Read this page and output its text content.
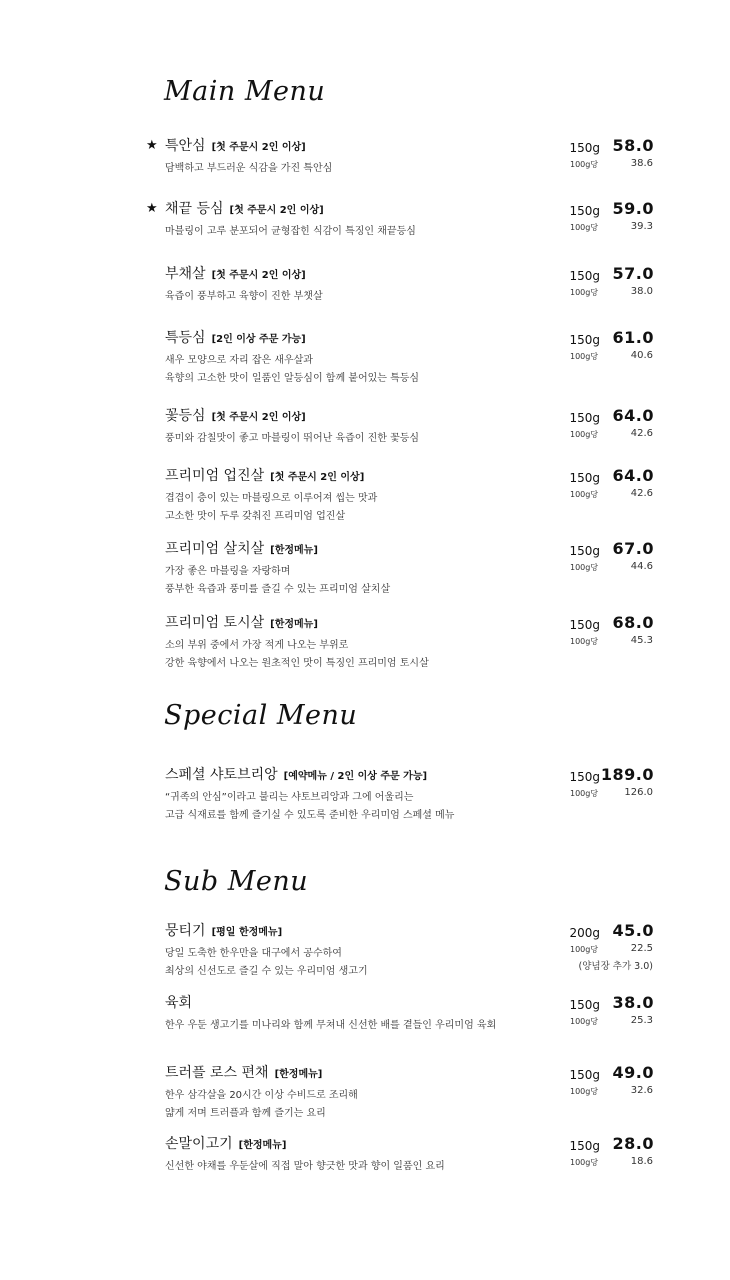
Main Menu
Special Menu
Sub Menu
★ 특안심 [첫 주문시 2인 이상]	150g 58.0
100g당	38.6
담백하고 부드러운 식감을 가진 특안심
★ 채끝 등심 [첫 주문시 2인 이상]	150g 59.0
100g당	39.3
마블링이 고루 분포되어 균형잡힌 식감이 특징인 채끝등심
부채살 [첫 주문시 2인 이상]	150g 57.0
100g당	38.0
육즙이 풍부하고 육향이 진한 부챗살
특등심 [2인 이상 주문 가능]	150g 61.0
100g당	40.6
새우 모양으로 자리 잡은 새우살과
육향의 고소한 맛이 일품인 알등심이 함께 붙어있는 특등심
꽃등심 [첫 주문시 2인 이상]	150g 64.0
100g당	42.6
풍미와 감칠맛이 좋고 마블링이 뛰어난 육즙이 진한 꽃등심
프리미엄 업진살 [첫 주문시 2인 이상]	150g 64.0
100g당	42.6
겹겹이 층이 있는 마블링으로 이루어져 씹는 맛과
고소한 맛이 두루 갖춰진 프리미엄 업진살
프리미엄 살치살 [한정메뉴]	150g 67.0
100g당	44.6
가장 좋은 마블링을 자랑하며
풍부한 육즙과 풍미를 즐길 수 있는 프리미엄 살치살
프리미엄 토시살 [한정메뉴]	150g 68.0
100g당	45.3
소의 부위 중에서 가장 적게 나오는 부위로
강한 육향에서 나오는 원초적인 맛이 특징인 프리미엄 토시살
스페셜 샤토브리앙 [예약메뉴 / 2인 이상 주문 가능]	150g 189.0
100g당	126.0
“귀족의 안심”이라고 불리는 샤토브리앙과 그에 어울리는
고급 식재료를 함께 즐기실 수 있도록 준비한 우리미엄 스페셜 메뉴
뭉티기 [평일 한정메뉴]	200g 45.0
100g당	22.5
(양념장 추가 3.0)
당일 도축한 한우만을 대구에서 공수하여
최상의 신선도로 즐길 수 있는 우리미엄 생고기
육회	150g 38.0
100g당	25.3
한우 우둔 생고기를 미나리와 함께 무쳐내 신선한 배를 곁들인 우리미엄 육회
트러플 로스 편채 [한정메뉴]	150g 49.0
100g당	32.6
한우 삼각살을 20시간 이상 수비드로 조리해
얇게 저며 트러플과 함께 즐기는 요리
손말이고기 [한정메뉴]	150g 28.0
100g당	18.6
신선한 야채를 우둔살에 직접 말아 향긋한 맛과 향이 일품인 요리
